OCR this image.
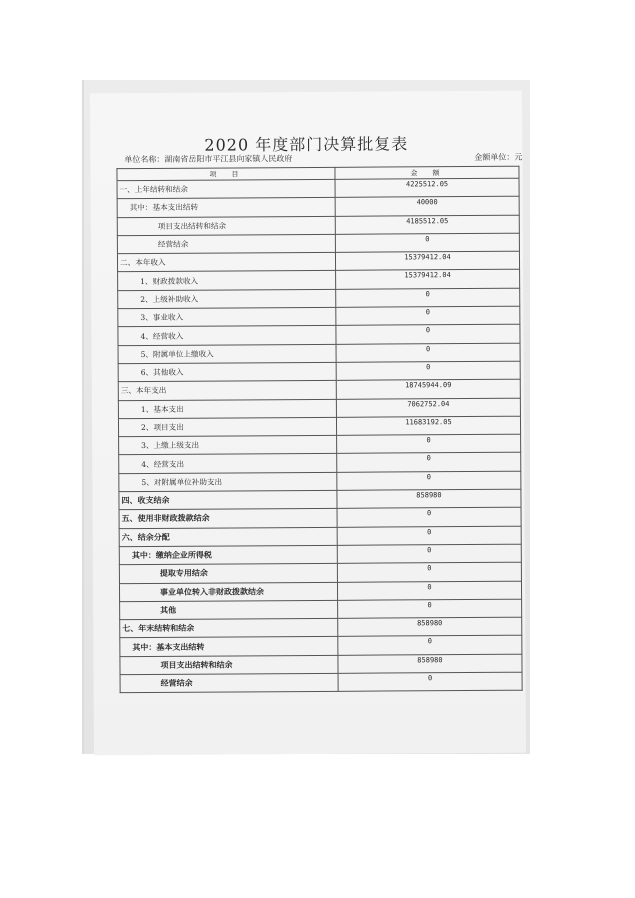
2020 年度部门决算批复表
单位名称：湖南省岳阳市平江县向家镇人民政府	金额单位：元
项　目	金　额
一、上年结转和结余	4225512.05
其中：基本支出结转	40000
项目支出结转和结余	4185512.05
经营结余	0
二、本年收入	15379412.04
1、财政拨款收入	15379412.04
2、上级补助收入	0
3、事业收入	0
4、经营收入	0
5、附属单位上缴收入	0
6、其他收入	0
三、本年支出	18745944.09
1、基本支出	7062752.04
2、项目支出	11683192.05
3、上缴上级支出	0
4、经营支出	0
5、对附属单位补助支出	0
四、收支结余	858980
五、使用非财政拨款结余	0
六、结余分配	0
其中：缴纳企业所得税	0
提取专用结余	0
事业单位转入非财政拨款结余	0
其他	0
七、年末结转和结余	858980
其中：基本支出结转	0
项目支出结转和结余	858980
经营结余	0
